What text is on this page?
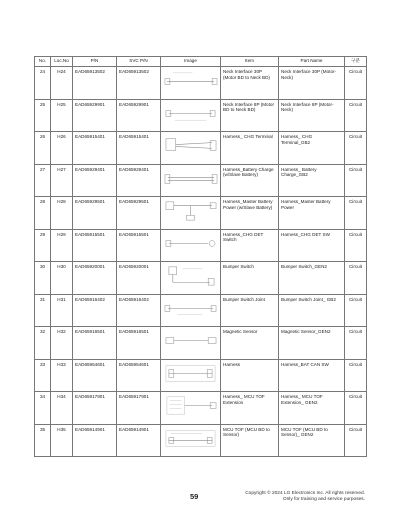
No.	Loc.No	P/N	SVC P/N	Image	Item	Part Name	구분
24	H24	EAD65913502	EAD65913502		Neck Interface 30P (Motor BD to Neck BD)	Neck Interface 30P (Motor-Neck)	Circuit
25	H25	EAD65929901	EAD65929901		Neck Interface 8P (Motor BD to Neck BD)	Neck Interface 8P (Motor-Neck)	Circuit
26	H26	EAD65915401	EAD65915401		Harness_ CHG Terminal	Harness_ CHG Terminal_GB2	Circuit
27	H27	EAD65929401	EAD65929401		Harness_Battery Charge (w/Slave Battery)	Harness_ Battery Charge_GB2	Circuit
28	H28	EAD65929501	EAD65929501		Harness_Master Battery Power (w/Slave Battery)	Harness_Master Battery Power	Circuit
29	H29	EAD65915501	EAD65915501		Harness_CHG DET Switch	Harness_CHG DET SW	Circuit
30	H30	EAD65920001	EAD65920001		Bumper Switch	Bumper Switch_GEN2	Circuit
31	H31	EAD65916402	EAD65916402		Bumper Switch Joint	Bumper Switch Joint_ GB2	Circuit
32	H32	EAD65916501	EAD65916501		Magnetic Sensor	Magnetic Sensor_GEN2	Circuit
33	H33	EAD65954601	EAD65954601		Harness	Harness_BAT CAN SW	Circuit
34	H34	EAD65917901	EAD65917901		Harness_ MCU TOF Extension	Harness_ MCU TOF Extension_ GEN2	Circuit
35	H35	EAD65914901	EAD65914901		MCU TOF (MCU BD to Sensor)	MCU TOF (MCU BD to Sensor)_ GEN2	Circuit
59	Copyright © 2024 LG Electronics Inc. All rights reserved.
Only for training and service purposes.
